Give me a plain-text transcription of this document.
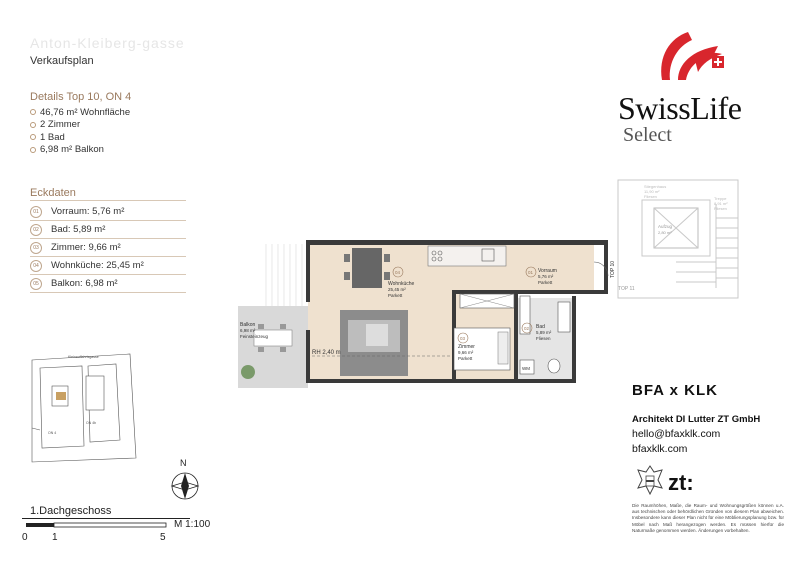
Anton-Kleiberg-gasse
Verkaufsplan
Details Top 10, ON 4
46,76 m² Wohnfläche
2 Zimmer
1 Bad
6,98 m² Balkon
Eckdaten
01	Vorraum: 5,76 m²
02	Bad: 5,89 m²
03	Zimmer: 9,66 m²
04	Wohnküche: 25,45 m²
05	Balkon: 6,98 m²
SwissLife
Select
Stiegenhaus
11,90 m²
Fliesen
Aufzug
2,80 m²
Treppe
8,91 m²
Fliesen
TOP 11
04
Wohnküche
25,45 m²
Parkett
01 Vorraum
5,76 m²
Parkett
03
Zimmer
9,66 m²
Parkett
02 Bad
5,89 m²
Fliesen
Balkon
6,98 m²
Feinsteinzeug
RH 2,40 m
WM
TOP 10
Kleinauffahrtsgasse
ON 4
ON 4b
N
1.Dachgeschoss
M 1:100
0 1	5
BFA x KLK
Architekt DI Lutter ZT GmbH
hello@bfaxklk.com
bfaxklk.com
zt:
Die Raumhöhen, Maße, die Raum- und Wohnungsgrößen können u.A. aus technischen oder behördlichen Gründen von diesem Plan abweichen. Insbesondere kann dieser Plan nicht für eine Möblierungsplanung bzw. für Möbel nach Maß herangezogen werden. Es müssen hierfür die Naturmaße genommen werden. Änderungen vorbehalten.
